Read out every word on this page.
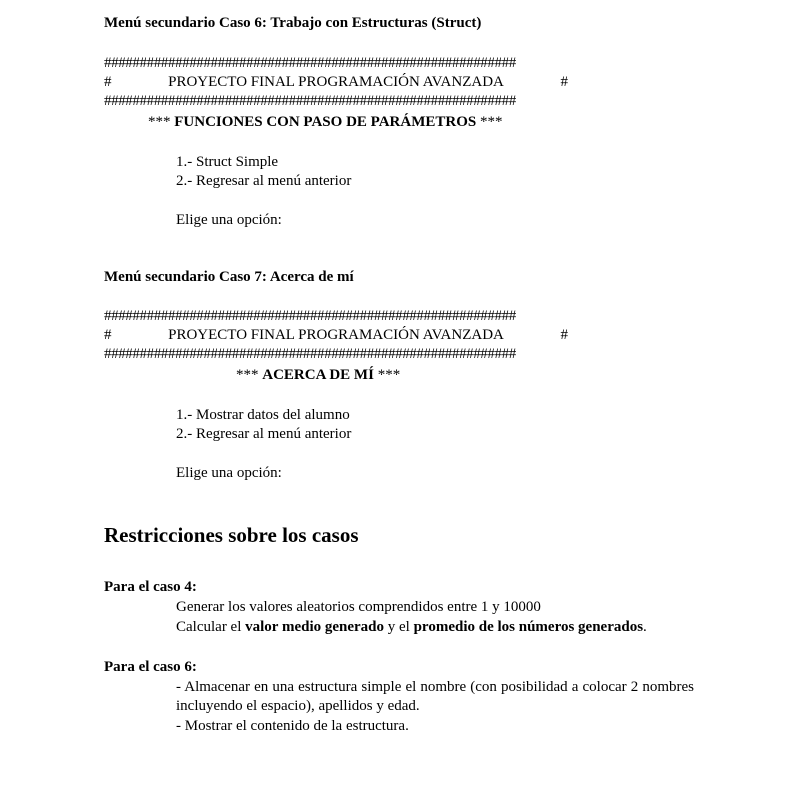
Menú secundario Caso 6: Trabajo con Estructuras (Struct)
##########################################################
#	PROYECTO FINAL PROGRAMACIÓN AVANZADA	#
##########################################################
*** FUNCIONES CON PASO DE PARÁMETROS ***
1.- Struct Simple
2.- Regresar al menú anterior
Elige una opción:
Menú secundario Caso 7: Acerca de mí
##########################################################
#	PROYECTO FINAL PROGRAMACIÓN AVANZADA	#
##########################################################
*** ACERCA DE MÍ ***
1.- Mostrar datos del alumno
2.- Regresar al menú anterior
Elige una opción:
Restricciones sobre los casos
Para el caso 4:
Generar los valores aleatorios comprendidos entre 1 y 10000
Calcular el valor medio generado y el promedio de los números generados.
Para el caso 6:
- Almacenar en una estructura simple el nombre (con posibilidad a colocar 2 nombres incluyendo el espacio), apellidos y edad.
- Mostrar el contenido de la estructura.
